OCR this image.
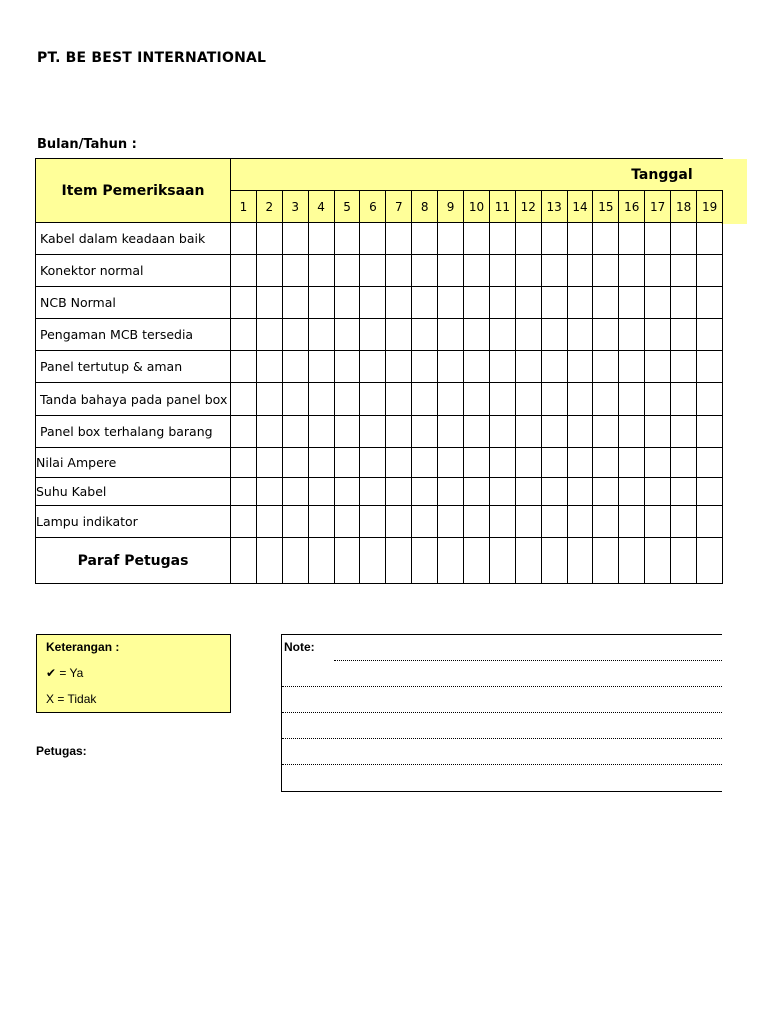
PT. BE BEST INTERNATIONAL
Bulan/Tahun :
Item Pemeriksaan	Tanggal																		
	1	2	3	4	5	6	7	8	9	10	11	12	13	14	15	16	17	18	19
Kabel dalam keadaan baik																			
Konektor normal																			
NCB Normal																			
Pengaman MCB tersedia																			
Panel tertutup & aman																			
Tanda bahaya pada panel box																			
Panel box terhalang barang																			
Nilai Ampere																			
Suhu Kabel																			
Lampu indikator																			
Paraf Petugas																			
Keterangan :
✔ = Ya
X = Tidak
Petugas:
Note:
